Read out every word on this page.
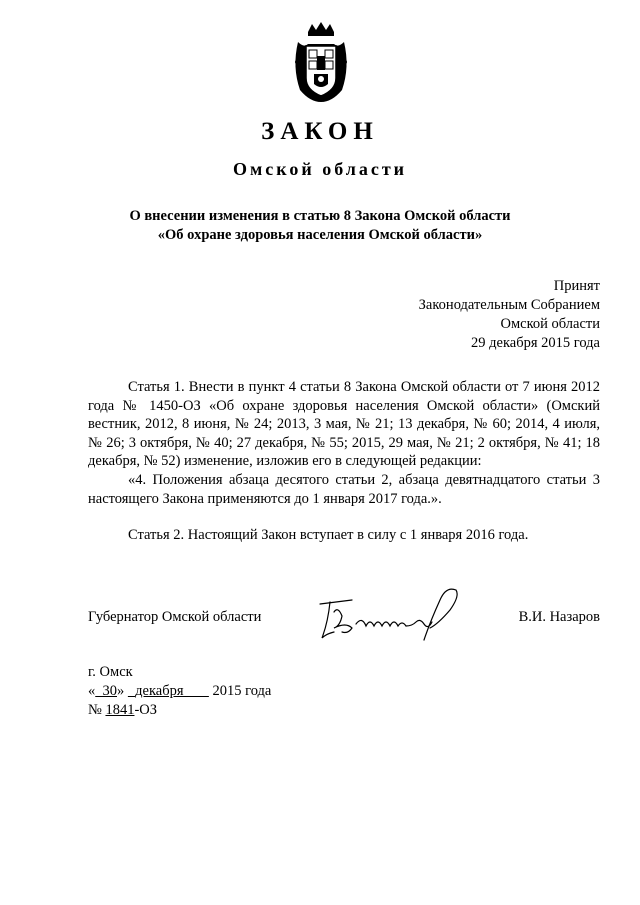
ЗАКОН
Омской области
О внесении изменения в статью 8 Закона Омской области
«Об охране здоровья населения Омской области»
Принят
Законодательным Собранием
Омской области
29 декабря 2015 года

Статья 1. Внести в пункт 4 статьи 8 Закона Омской области от 7 июня 2012 года № 1450-ОЗ «Об охране здоровья населения Омской области» (Омский вестник, 2012, 8 июня, № 24; 2013, 3 мая, № 21; 13 декабря, № 60; 2014, 4 июля, № 26; 3 октября, № 40; 27 декабря, № 55; 2015, 29 мая, № 21; 2 октября, № 41; 18 декабря, № 52) изменение, изложив его в следующей редакции:

«4. Положения абзаца десятого статьи 2, абзаца девятнадцатого статьи 3 настоящего Закона применяются до 1 января 2017 года.».

Статья 2. Настоящий Закон вступает в силу с 1 января 2016 года.

Губернатор Омской области	В.И. Назаров
г. Омск
« 30» декабря 2015 года
№ 1841-ОЗ
